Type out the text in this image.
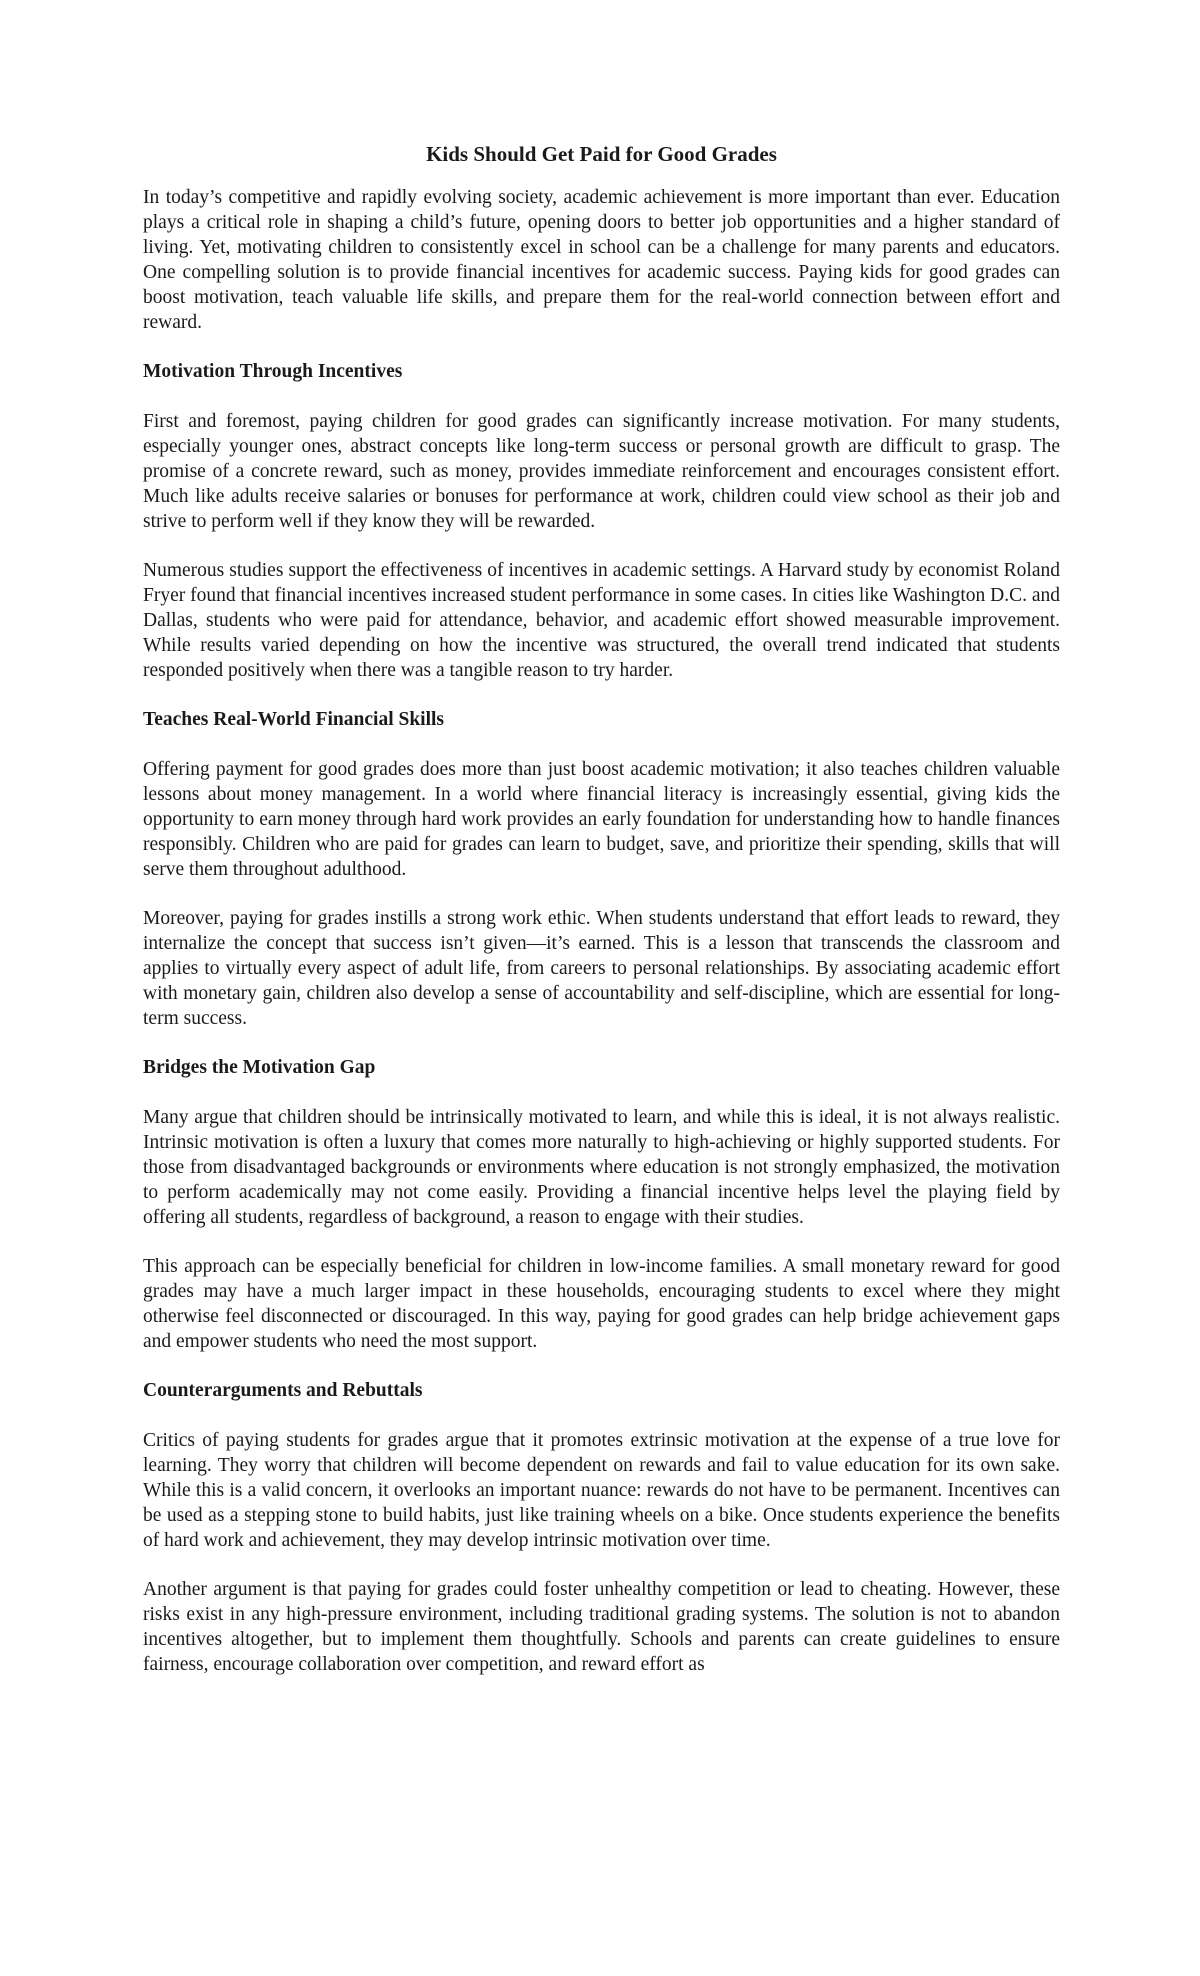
Kids Should Get Paid for Good Grades

In today’s competitive and rapidly evolving society, academic achievement is more important than ever. Education plays a critical role in shaping a child’s future, opening doors to better job opportunities and a higher standard of living. Yet, motivating children to consistently excel in school can be a challenge for many parents and educators. One compelling solution is to provide financial incentives for academic success. Paying kids for good grades can boost motivation, teach valuable life skills, and prepare them for the real-world connection between effort and reward.

Motivation Through Incentives

First and foremost, paying children for good grades can significantly increase motivation. For many students, especially younger ones, abstract concepts like long-term success or personal growth are difficult to grasp. The promise of a concrete reward, such as money, provides immediate reinforcement and encourages consistent effort. Much like adults receive salaries or bonuses for performance at work, children could view school as their job and strive to perform well if they know they will be rewarded.

Numerous studies support the effectiveness of incentives in academic settings. A Harvard study by economist Roland Fryer found that financial incentives increased student performance in some cases. In cities like Washington D.C. and Dallas, students who were paid for attendance, behavior, and academic effort showed measurable improvement. While results varied depending on how the incentive was structured, the overall trend indicated that students responded positively when there was a tangible reason to try harder.

Teaches Real-World Financial Skills

Offering payment for good grades does more than just boost academic motivation; it also teaches children valuable lessons about money management. In a world where financial literacy is increasingly essential, giving kids the opportunity to earn money through hard work provides an early foundation for understanding how to handle finances responsibly. Children who are paid for grades can learn to budget, save, and prioritize their spending, skills that will serve them throughout adulthood.

Moreover, paying for grades instills a strong work ethic. When students understand that effort leads to reward, they internalize the concept that success isn’t given—it’s earned. This is a lesson that transcends the classroom and applies to virtually every aspect of adult life, from careers to personal relationships. By associating academic effort with monetary gain, children also develop a sense of accountability and self-discipline, which are essential for long-term success.

Bridges the Motivation Gap

Many argue that children should be intrinsically motivated to learn, and while this is ideal, it is not always realistic. Intrinsic motivation is often a luxury that comes more naturally to high-achieving or highly supported students. For those from disadvantaged backgrounds or environments where education is not strongly emphasized, the motivation to perform academically may not come easily. Providing a financial incentive helps level the playing field by offering all students, regardless of background, a reason to engage with their studies.

This approach can be especially beneficial for children in low-income families. A small monetary reward for good grades may have a much larger impact in these households, encouraging students to excel where they might otherwise feel disconnected or discouraged. In this way, paying for good grades can help bridge achievement gaps and empower students who need the most support.

Counterarguments and Rebuttals

Critics of paying students for grades argue that it promotes extrinsic motivation at the expense of a true love for learning. They worry that children will become dependent on rewards and fail to value education for its own sake. While this is a valid concern, it overlooks an important nuance: rewards do not have to be permanent. Incentives can be used as a stepping stone to build habits, just like training wheels on a bike. Once students experience the benefits of hard work and achievement, they may develop intrinsic motivation over time.

Another argument is that paying for grades could foster unhealthy competition or lead to cheating. However, these risks exist in any high-pressure environment, including traditional grading systems. The solution is not to abandon incentives altogether, but to implement them thoughtfully. Schools and parents can create guidelines to ensure fairness, encourage collaboration over competition, and reward effort as
